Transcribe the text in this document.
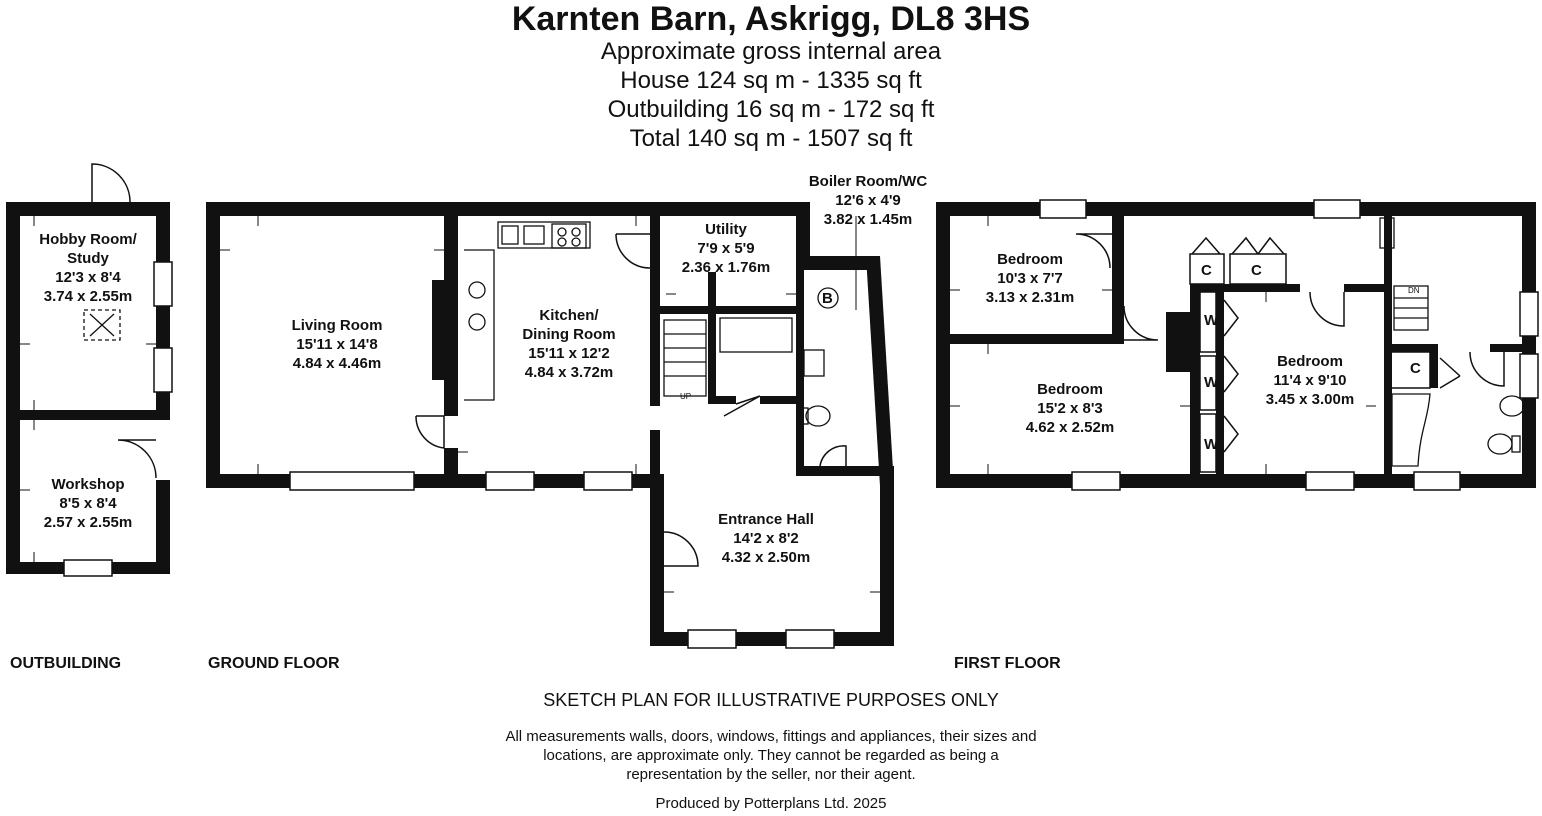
Karnten Barn, Askrigg, DL8 3HS
Approximate gross internal area
House 124 sq m - 1335 sq ft
Outbuilding 16 sq m - 172 sq ft
Total 140 sq m - 1507 sq ft
Hobby Room/
Study
12'3 x 8'4
3.74 x 2.55m
Workshop
8'5 x 8'4
2.57 x 2.55m
Living Room
15'11 x 14'8
4.84 x 4.46m
Kitchen/
Dining Room
15'11 x 12'2
4.84 x 3.72m
Utility
7'9 x 5'9
2.36 x 1.76m
Boiler Room/WC
12'6 x 4'9
3.82 x 1.45m
Entrance Hall
14'2 x 8'2
4.32 x 2.50m
Bedroom
10'3 x 7'7
3.13 x 2.31m
Bedroom
15'2 x 8'3
4.62 x 2.52m
Bedroom
11'4 x 9'10
3.45 x 3.00m
B
C	C
C
W
W
W
UP
DN
OUTBUILDING	GROUND FLOOR	FIRST FLOOR
SKETCH PLAN FOR ILLUSTRATIVE PURPOSES ONLY
All measurements walls, doors, windows, fittings and appliances, their sizes and
locations, are approximate only. They cannot be regarded as being a
representation by the seller, nor their agent.
Produced by Potterplans Ltd. 2025
